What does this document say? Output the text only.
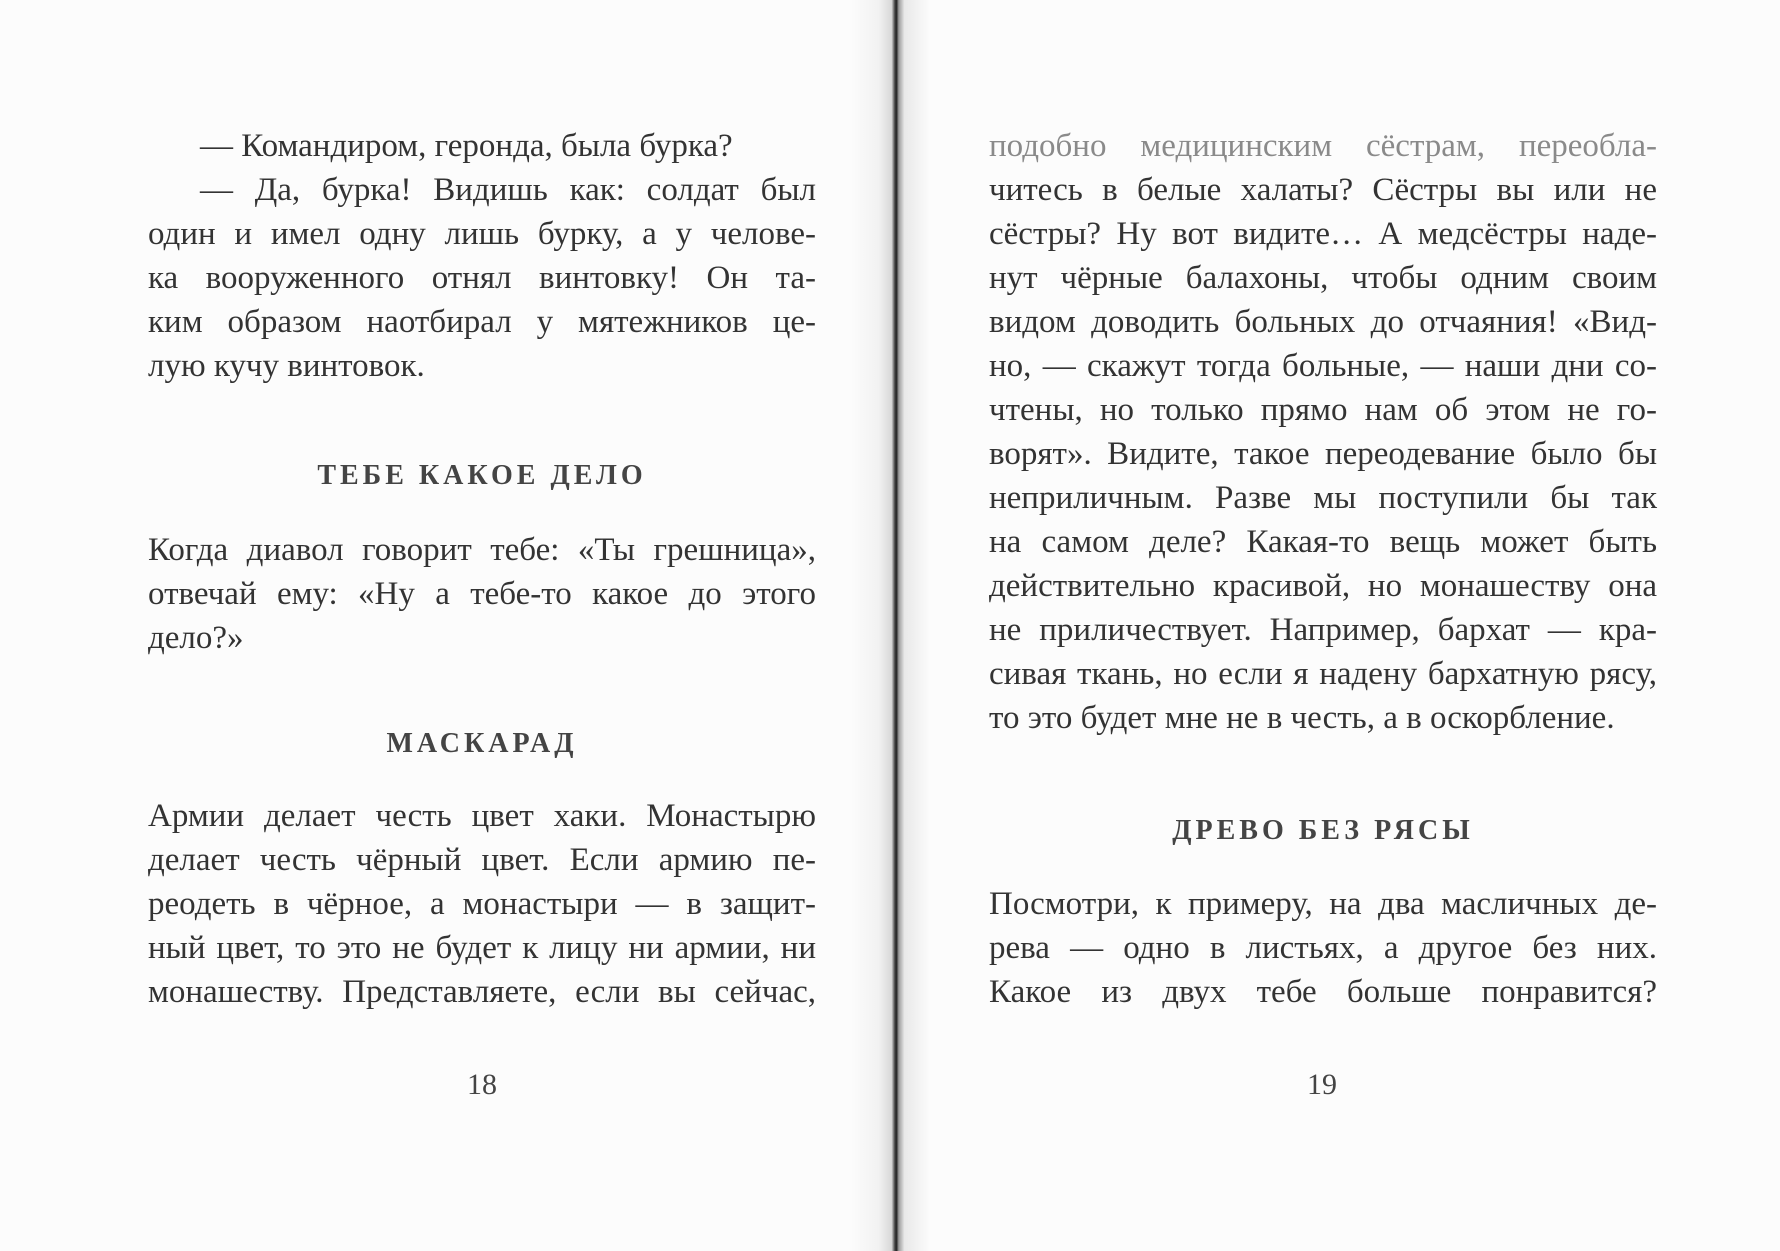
— Командиром, геронда, была бурка?

— Да, бурка! Видишь как: солдат был

один и имел одну лишь бурку, а у челове-

ка вооруженного отнял винтовку! Он та-

ким образом наотбирал у мятежников це-

лую кучу винтовок.

ТЕБЕ КАКОЕ ДЕЛО

Когда диавол говорит тебе: «Ты грешница»,

отвечай ему: «Ну а тебе-то какое до этого

дело?»

МАСКАРАД

Армии делает честь цвет хаки. Монастырю

делает честь чёрный цвет. Если армию пе-

реодеть в чёрное, а монастыри — в защит-

ный цвет, то это не будет к лицу ни армии, ни

монашеству. Представляете, если вы сейчас,

18

подобно медицинским сёстрам, переобла-

читесь в белые халаты? Сёстры вы или не

сёстры? Ну вот видите… А медсёстры наде-

нут чёрные балахоны, чтобы одним своим

видом доводить больных до отчаяния! «Вид-

но, — скажут тогда больные, — наши дни со-

чтены, но только прямо нам об этом не го-

ворят». Видите, такое переодевание было бы

неприличным. Разве мы поступили бы так

на самом деле? Какая-то вещь может быть

действительно красивой, но монашеству она

не приличествует. Например, бархат — кра-

сивая ткань, но если я надену бархатную рясу,

то это будет мне не в честь, а в оскорбление.

ДРЕВО БЕЗ РЯСЫ

Посмотри, к примеру, на два масличных де-

рева — одно в листьях, а другое без них.

Какое из двух тебе больше понравится?

19
